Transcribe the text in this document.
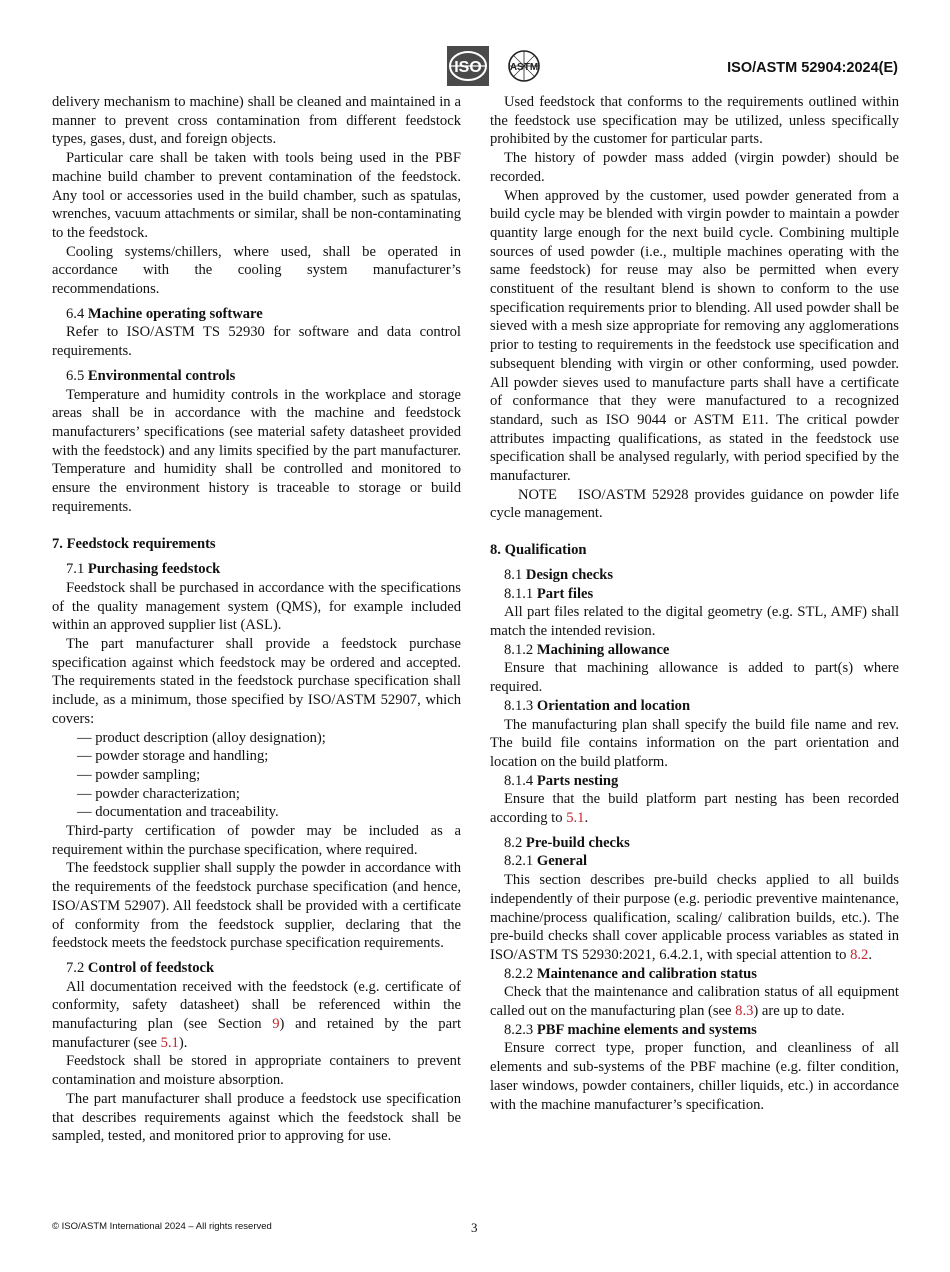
ISO	ASTM	ISO/ASTM 52904:2024(E)

delivery mechanism to machine) shall be cleaned and maintained in a manner to prevent cross contamination from different feedstock types, gases, dust, and foreign objects.

Particular care shall be taken with tools being used in the PBF machine build chamber to prevent contamination of the feedstock. Any tool or accessories used in the build chamber, such as spatulas, wrenches, vacuum attachments or similar, shall be non-contaminating to the feedstock.

Cooling systems/chillers, where used, shall be operated in accordance with the cooling system manufacturer’s recommendations.

6.4 Machine operating software

Refer to ISO/ASTM TS 52930 for software and data control requirements.

6.5 Environmental controls

Temperature and humidity controls in the workplace and storage areas shall be in accordance with the machine and feedstock manufacturers’ specifications (see material safety datasheet provided with the feedstock) and any limits specified by the part manufacturer. Temperature and humidity shall be controlled and monitored to ensure the environment history is traceable to storage or build requirements.

7. Feedstock requirements
7.1 Purchasing feedstock

Feedstock shall be purchased in accordance with the specifications of the quality management system (QMS), for example included within an approved supplier list (ASL).

The part manufacturer shall provide a feedstock purchase specification against which feedstock may be ordered and accepted. The requirements stated in the feedstock purchase specification shall include, as a minimum, those specified by ISO/ASTM 52907, which covers:

— product description (alloy designation);
— powder storage and handling;
— powder sampling;
— powder characterization;
— documentation and traceability.

Third-party certification of powder may be included as a requirement within the purchase specification, where required.

The feedstock supplier shall supply the powder in accordance with the requirements of the feedstock purchase specification (and hence, ISO/ASTM 52907). All feedstock shall be provided with a certificate of conformity from the feedstock supplier, declaring that the feedstock meets the feedstock purchase specification requirements.

7.2 Control of feedstock

All documentation received with the feedstock (e.g. certificate of conformity, safety datasheet) shall be referenced within the manufacturing plan (see Section 9) and retained by the part manufacturer (see 5.1).

Feedstock shall be stored in appropriate containers to prevent contamination and moisture absorption.

The part manufacturer shall produce a feedstock use specification that describes requirements against which the feedstock shall be sampled, tested, and monitored prior to approving for use.

Used feedstock that conforms to the requirements outlined within the feedstock use specification may be utilized, unless specifically prohibited by the customer for particular parts.

The history of powder mass added (virgin powder) should be recorded.

When approved by the customer, used powder generated from a build cycle may be blended with virgin powder to maintain a powder quantity large enough for the next build cycle. Combining multiple sources of used powder (i.e., multiple machines operating with the same feedstock) for reuse may also be permitted when every constituent of the resultant blend is shown to conform to the use specification requirements prior to blending. All used powder shall be sieved with a mesh size appropriate for removing any agglomerations prior to testing to requirements in the feedstock use specification and subsequent blending with virgin or other conforming, used powder. All powder sieves used to manufacture parts shall have a certificate of conformance that they were manufactured to a recognized standard, such as ISO 9044 or ASTM E11. The critical powder attributes impacting qualifications, as stated in the feedstock use specification shall be analysed regularly, with period specified by the manufacturer.

NOTE ISO/ASTM 52928 provides guidance on powder life cycle management.

8. Qualification
8.1 Design checks
8.1.1 Part files

All part files related to the digital geometry (e.g. STL, AMF) shall match the intended revision.

8.1.2 Machining allowance

Ensure that machining allowance is added to part(s) where required.

8.1.3 Orientation and location

The manufacturing plan shall specify the build file name and rev. The build file contains information on the part orientation and location on the build platform.

8.1.4 Parts nesting

Ensure that the build platform part nesting has been recorded according to 5.1.

8.2 Pre-build checks
8.2.1 General

This section describes pre-build checks applied to all builds independently of their purpose (e.g. periodic preventive maintenance, machine/process qualification, scaling/ calibration builds, etc.). The pre-build checks shall cover applicable process variables as stated in ISO/ASTM TS 52930:2021, 6.4.2.1, with special attention to 8.2.

8.2.2 Maintenance and calibration status

Check that the maintenance and calibration status of all equipment called out on the manufacturing plan (see 8.3) are up to date.

8.2.3 PBF machine elements and systems

Ensure correct type, proper function, and cleanliness of all elements and sub-systems of the PBF machine (e.g. filter condition, laser windows, powder containers, chiller liquids, etc.) in accordance with the machine manufacturer’s specification.

© ISO/ASTM International 2024 – All rights reserved	3
